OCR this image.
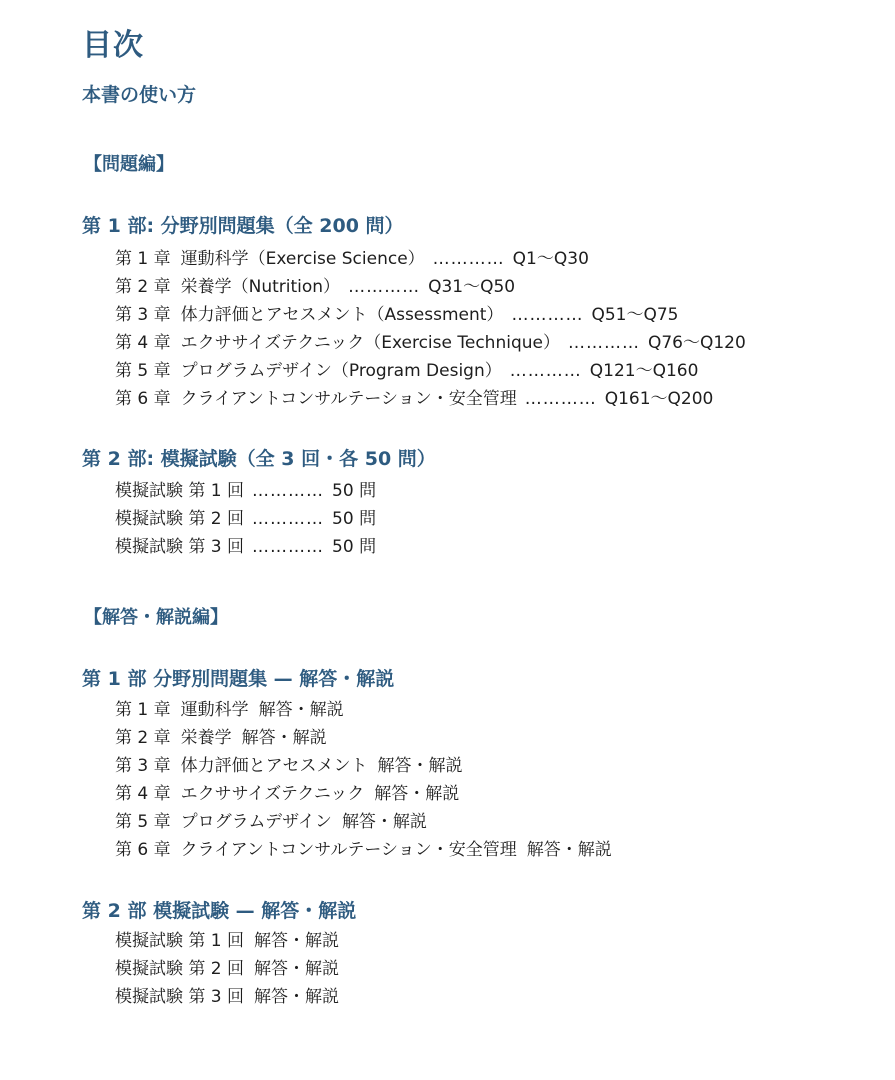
目次
本書の使い方
【問題編】
第 1 部: 分野別問題集（全 200 問）
第 1 章 運動科学（Exercise Science） ………… Q1〜Q30
第 2 章 栄養学（Nutrition） ………… Q31〜Q50
第 3 章 体力評価とアセスメント（Assessment） ………… Q51〜Q75
第 4 章 エクササイズテクニック（Exercise Technique） ………… Q76〜Q120
第 5 章 プログラムデザイン（Program Design） ………… Q121〜Q160
第 6 章 クライアントコンサルテーション・安全管理 ………… Q161〜Q200
第 2 部: 模擬試験（全 3 回・各 50 問）
模擬試験 第 1 回 ………… 50 問
模擬試験 第 2 回 ………… 50 問
模擬試験 第 3 回 ………… 50 問
【解答・解説編】
第 1 部 分野別問題集 — 解答・解説
第 1 章 運動科学 解答・解説
第 2 章 栄養学 解答・解説
第 3 章 体力評価とアセスメント 解答・解説
第 4 章 エクササイズテクニック 解答・解説
第 5 章 プログラムデザイン 解答・解説
第 6 章 クライアントコンサルテーション・安全管理 解答・解説
第 2 部 模擬試験 — 解答・解説
模擬試験 第 1 回 解答・解説
模擬試験 第 2 回 解答・解説
模擬試験 第 3 回 解答・解説
